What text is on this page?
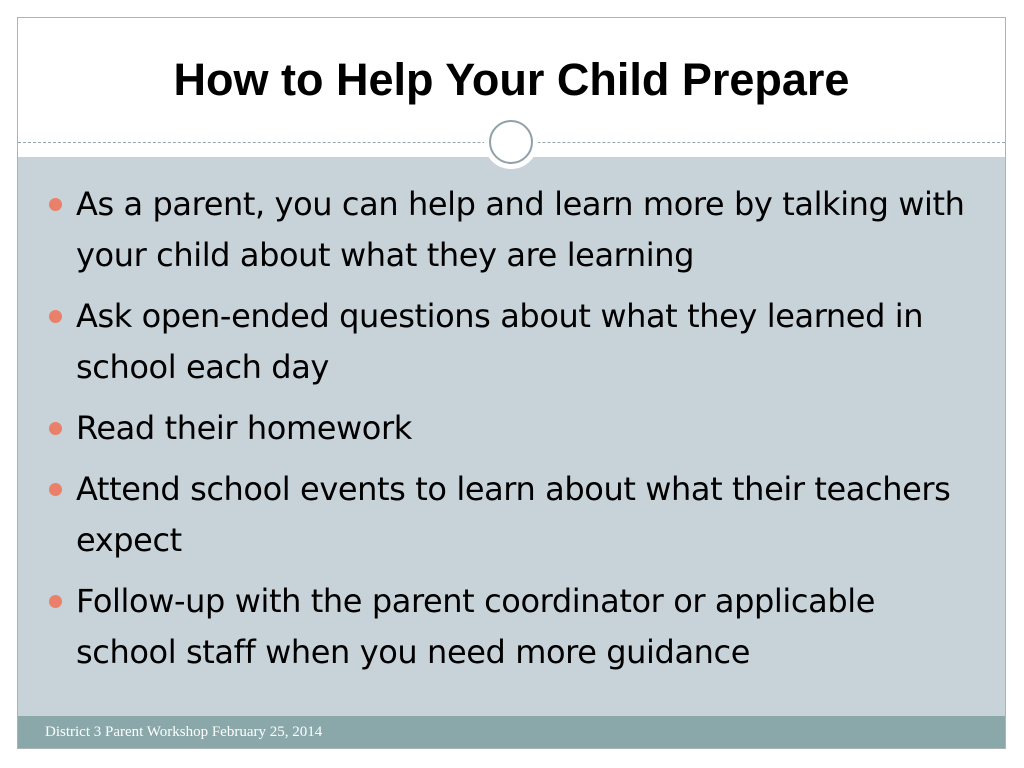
How to Help Your Child Prepare
As a parent, you can help and learn more by talking with your child about what they are learning
Ask open-ended questions about what they learned in school each day
Read their homework
Attend school events to learn about what their teachers expect
Follow-up with the parent coordinator or applicable school staff when you need more guidance
District 3 Parent Workshop February 25, 2014
